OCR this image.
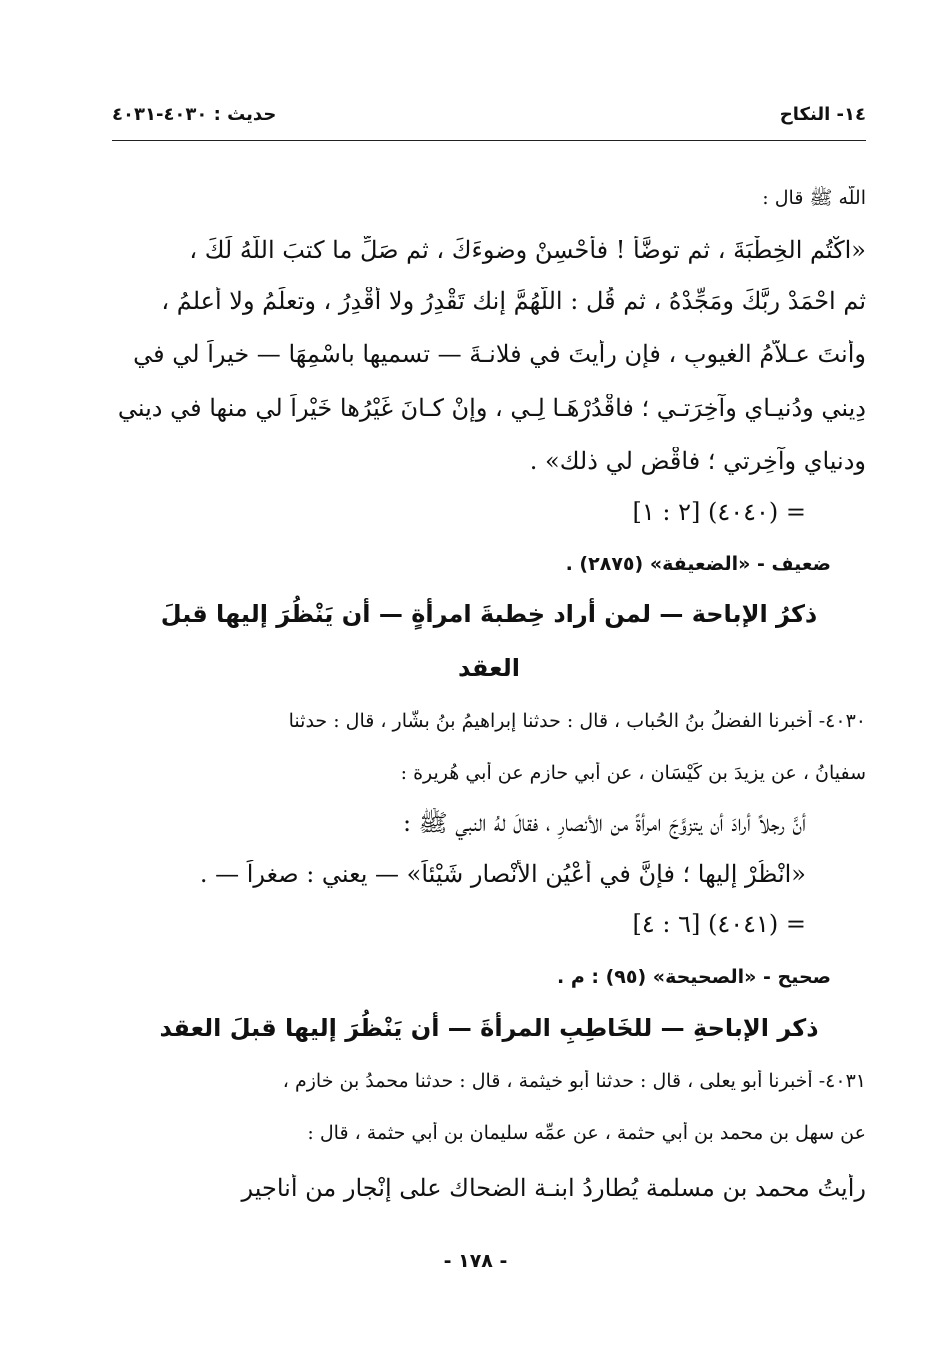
١٤- النكاح
حديث : ٤٠٣٠-٤٠٣١
اللَّه ﷺ قال :
«اكْتُمِ الخِطْبَةَ ، ثم توضَّأْ ! فأَحْسِنْ وضوءَكَ ، ثم صَلِّ ما كتبَ اللَّهُ لَكَ ،
ثم احْمَدْ ربَّكَ ومَجِّدْهُ ، ثم قُل : اللَّهُمَّ إنك تَقْدِرُ ولا أَقْدِرُ ، وتعلَمُ ولا أعلمُ ،
وأنتَ عـلاَّمُ الغيوبِ ، فإن رأيتَ في فلانـةَ — تسميها باسْمِهَا — خيراً لي في
دِيني ودُنيـاي وآخِرَتـي ؛ فاقْدُرْهَـا لِـي ، وإنْ كـانَ غَيْرُها خَيْراً لي منها في ديني
ودنياي وآخِرتي ؛ فاقْضِ لي ذلك» .
= (٤٠٤٠) [٢ : ١]
ضعيف - «الضعيفة» (٢٨٧٥) .
ذكرُ الإباحة — لمن أراد خِطبةَ امرأةٍ — أن يَنْظُرَ إليها قبلَ
العقد
٤٠٣٠- أخبرنا الفضلُ بنُ الحُباب ، قال : حدثنا إبراهيمُ بنُ بشَّار ، قال : حدثنا
سفيانُ ، عن يزيدَ بن كَيْسَان ، عن أبي حازمٍ عن أبي هُريرة :
أنَّ رجلاً أرادَ أن يتزوَّجَ امرأةً من الأنصارِ ، فقالَ لهُ النبي ﷺ :
«انْظُرْ إليها ؛ فإنَّ في أَعْيُنِ الأَنْصارِ شَيْئاً» — يعني : صغراً — .
= (٤٠٤١) [٦ : ٤]
صحيح - «الصحيحة» (٩٥) : م .
ذكر الإباحةِ — للخَاطِبِ المرأةَ — أن يَنْظُرَ إليها قبلَ العقد
٤٠٣١- أخبرنا أبو يعلى ، قال : حدثنا أبو خيثمة ، قال : حدثنا محمدُ بن خازم ،
عن سهل بن محمد بن أبي حثمة ، عن عمِّه سليمان بن أبي حثمة ، قال :
رأيتُ محمد بن مسلمة يُطاردُ ابنـة الضحاك على إنْجارٍ من أناجير
- ١٧٨ -
